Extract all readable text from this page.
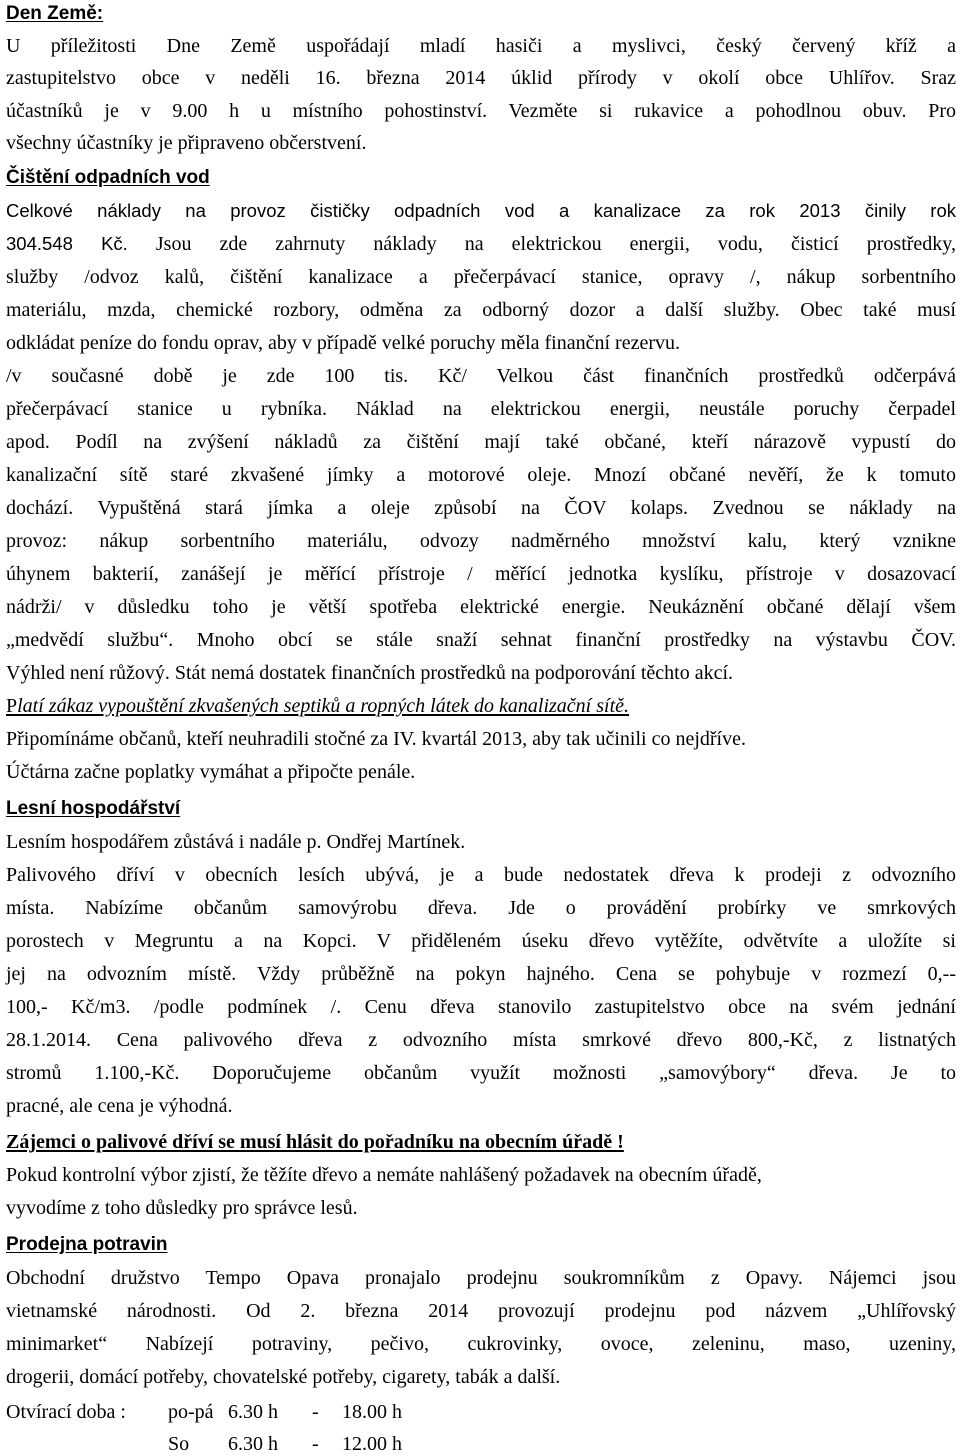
Den Země:
U příležitosti Dne Země uspořádají mladí hasiči a myslivci, český červený kříž a
zastupitelstvo obce v neděli 16. března 2014 úklid přírody v okolí obce Uhlířov. Sraz
účastníků je v 9.00 h u místního pohostinství. Vezměte si rukavice a pohodlnou obuv. Pro
všechny účastníky je připraveno občerstvení.
Čištění odpadních vod
Celkové náklady na provoz čističky odpadních vod a kanalizace za rok 2013 činily rok
304.548 Kč. Jsou zde zahrnuty náklady na elektrickou energii, vodu, čisticí prostředky,
služby /odvoz kalů, čištění kanalizace a přečerpávací stanice, opravy /, nákup sorbentního
materiálu, mzda, chemické rozbory, odměna za odborný dozor a další služby. Obec také musí
odkládat peníze do fondu oprav, aby v případě velké poruchy měla finanční rezervu.
/v současné době je zde 100 tis. Kč/ Velkou část finančních prostředků odčerpává
přečerpávací stanice u rybníka. Náklad na elektrickou energii, neustále poruchy čerpadel
apod. Podíl na zvýšení nákladů za čištění mají také občané, kteří nárazově vypustí do
kanalizační sítě staré zkvašené jímky a motorové oleje. Mnozí občané nevěří, že k tomuto
dochází. Vypuštěná stará jímka a oleje způsobí na ČOV kolaps. Zvednou se náklady na
provoz: nákup sorbentního materiálu, odvozy nadměrného množství kalu, který vznikne
úhynem bakterií, zanášejí je měřící přístroje / měřící jednotka kyslíku, přístroje v dosazovací
nádrži/ v důsledku toho je větší spotřeba elektrické energie. Neukáznění občané dělají všem
„medvědí službu“. Mnoho obcí se stále snaží sehnat finanční prostředky na výstavbu ČOV.
Výhled není růžový. Stát nemá dostatek finančních prostředků na podporování těchto akcí.
Platí zákaz vypouštění zkvašených septiků a ropných látek do kanalizační sítě.
Připomínáme občanů, kteří neuhradili stočné za IV. kvartál 2013, aby tak učinili co nejdříve.
Účtárna začne poplatky vymáhat a připočte penále.
Lesní hospodářství
Lesním hospodářem zůstává i nadále p. Ondřej Martínek.
Palivového dříví v obecních lesích ubývá, je a bude nedostatek dřeva k prodeji z odvozního
místa. Nabízíme občanům samovýrobu dřeva. Jde o provádění probírky ve smrkových
porostech v Megruntu a na Kopci. V přiděleném úseku dřevo vytěžíte, odvětvíte a uložíte si
jej na odvozním místě. Vždy průběžně na pokyn hajného. Cena se pohybuje v rozmezí 0,--
100,- Kč/m3. /podle podmínek /. Cenu dřeva stanovilo zastupitelstvo obce na svém jednání
28.1.2014. Cena palivového dřeva z odvozního místa smrkové dřevo 800,-Kč, z listnatých
stromů 1.100,-Kč. Doporučujeme občanům využít možnosti „samovýbory“ dřeva. Je to
pracné, ale cena je výhodná.
Zájemci o palivové dříví se musí hlásit do pořadníku na obecním úřadě !
Pokud kontrolní výbor zjistí, že těžíte dřevo a nemáte nahlášený požadavek na obecním úřadě,
vyvodíme z toho důsledky pro správce lesů.
Prodejna potravin
Obchodní družstvo Tempo Opava pronajalo prodejnu soukromníkům z Opavy. Nájemci jsou
vietnamské národnosti. Od 2. března 2014 provozují prodejnu pod názvem „Uhlířovský
minimarket“ Nabízejí potraviny, pečivo, cukrovinky, ovoce, zeleninu, maso, uzeniny,
drogerii, domácí potřeby, chovatelské potřeby, cigarety, tabák a další.
Otvírací doba : po-pá 6.30 h - 18.00 h
So 6.30 h - 12.00 h
